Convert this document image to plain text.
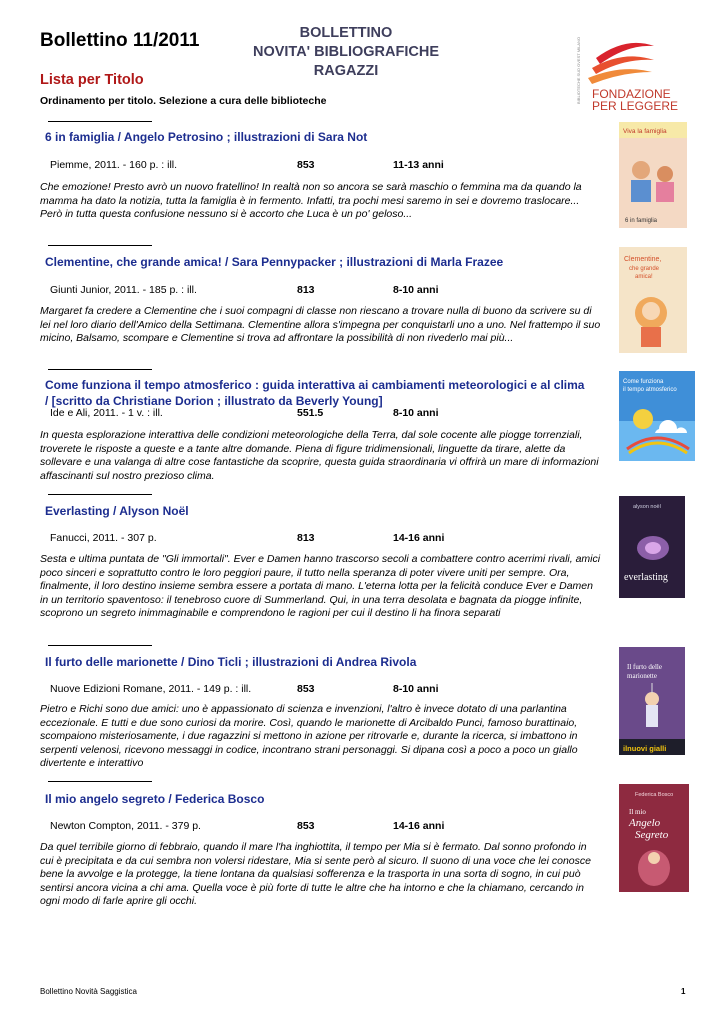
Bollettino 11/2011	BOLLETTINO
NOVITA' BIBLIOGRAFICHE
RAGAZZI	BIBLIOTECHE SUD OVEST MILANO FONDAZIONE
PER LEGGERE
Lista per Titolo
Ordinamento per titolo. Selezione a cura delle biblioteche
6 in famiglia / Angelo Petrosino ; illustrazioni di Sara Not
Piemme, 2011. - 160 p. : ill.	853	11-13 anni
Che emozione! Presto avrò un nuovo fratellino! In realtà non so ancora se sarà maschio o femmina ma da quando la mamma ha dato la notizia, tutta la famiglia è in fermento. Infatti, tra pochi mesi saremo in sei e dovremo traslocare... Però in tutta questa confusione nessuno si è accorto che Luca è un po' geloso...
Viva la famiglia
6 in famiglia
Clementine, che grande amica! / Sara Pennypacker ; illustrazioni di Marla Frazee
Giunti Junior, 2011. - 185 p. : ill.	813	8-10 anni
Margaret fa credere a Clementine che i suoi compagni di classe non riescano a trovare nulla di buono da scrivere su di lei nel loro diario dell'Amico della Settimana. Clementine allora s'impegna per conquistarli uno a uno. Nel frattempo il suo micino, Balsamo, scompare e Clementine si trova ad affrontare la possibilità di non rivederlo mai più...
Clementine,
che grande
amica!
Come funziona il tempo atmosferico : guida interattiva ai cambiamenti meteorologici e al clima / [scritto da Christiane Dorion ; illustrato da Beverly Young]
Ide e Ali, 2011. - 1 v. : ill.	551.5	8-10 anni
In questa esplorazione interattiva delle condizioni meteorologiche della Terra, dal sole cocente alle piogge torrenziali, troverete le risposte a queste e a tante altre domande. Piena di figure tridimensionali, linguette da tirare, alette da sollevare e una valanga di altre cose fantastiche da scoprire, questa guida straordinaria vi offrirà un mare di informazioni affascinanti sul nostro prezioso clima.
Come funziona
il tempo atmosferico
Everlasting / Alyson Noël
Fanucci, 2011. - 307 p.	813	14-16 anni
Sesta e ultima puntata de "Gli immortali". Ever e Damen hanno trascorso secoli a combattere contro acerrimi rivali, amici poco sinceri e soprattutto contro le loro peggiori paure, il tutto nella speranza di poter vivere uniti per sempre. Ora, finalmente, il loro destino insieme sembra essere a portata di mano. L'eterna lotta per la felicità conduce Ever e Damen in un territorio spaventoso: il tenebroso cuore di Summerland. Qui, in una terra desolata e bagnata da piogge infinite, scoprono un segreto inimmaginabile e comprendono le ragioni per cui il destino li ha finora separati
alyson noël
everlasting
Il furto delle marionette / Dino Ticli ; illustrazioni di Andrea Rivola
Nuove Edizioni Romane, 2011. - 149 p. : ill.	853	8-10 anni
Pietro e Richi sono due amici: uno è appassionato di scienza e invenzioni, l'altro è invece dotato di una parlantina eccezionale. E tutti e due sono curiosi da morire. Così, quando le marionette di Arcibaldo Punci, famoso burattinaio, scompaiono misteriosamente, i due ragazzini si mettono in azione per ritrovarle e, durante la ricerca, si imbattono in serpenti velenosi, ricevono messaggi in codice, incontrano strani personaggi. Si dipana così a poco a poco un giallo divertente e interattivo
Il furto delle
marionette
ilnuovi gialli
Il mio angelo segreto / Federica Bosco
Newton Compton, 2011. - 379 p.	853	14-16 anni
Da quel terribile giorno di febbraio, quando il mare l'ha inghiottita, il tempo per Mia si è fermato. Dal sonno profondo in cui è precipitata e da cui sembra non volersi ridestare, Mia si sente però al sicuro. Il suono di una voce che lei conosce bene la avvolge e la protegge, la tiene lontana da qualsiasi sofferenza e la trasporta in una sorta di sogno, in cui può sentirsi ancora vicina a chi ama. Quella voce è più forte di tutte le altre che ha intorno e che la chiamano, cercando in ogni modo di farle aprire gli occhi.
Federica Bosco
Il mio
Angelo
Segreto
Bollettino Novità Saggistica	1
